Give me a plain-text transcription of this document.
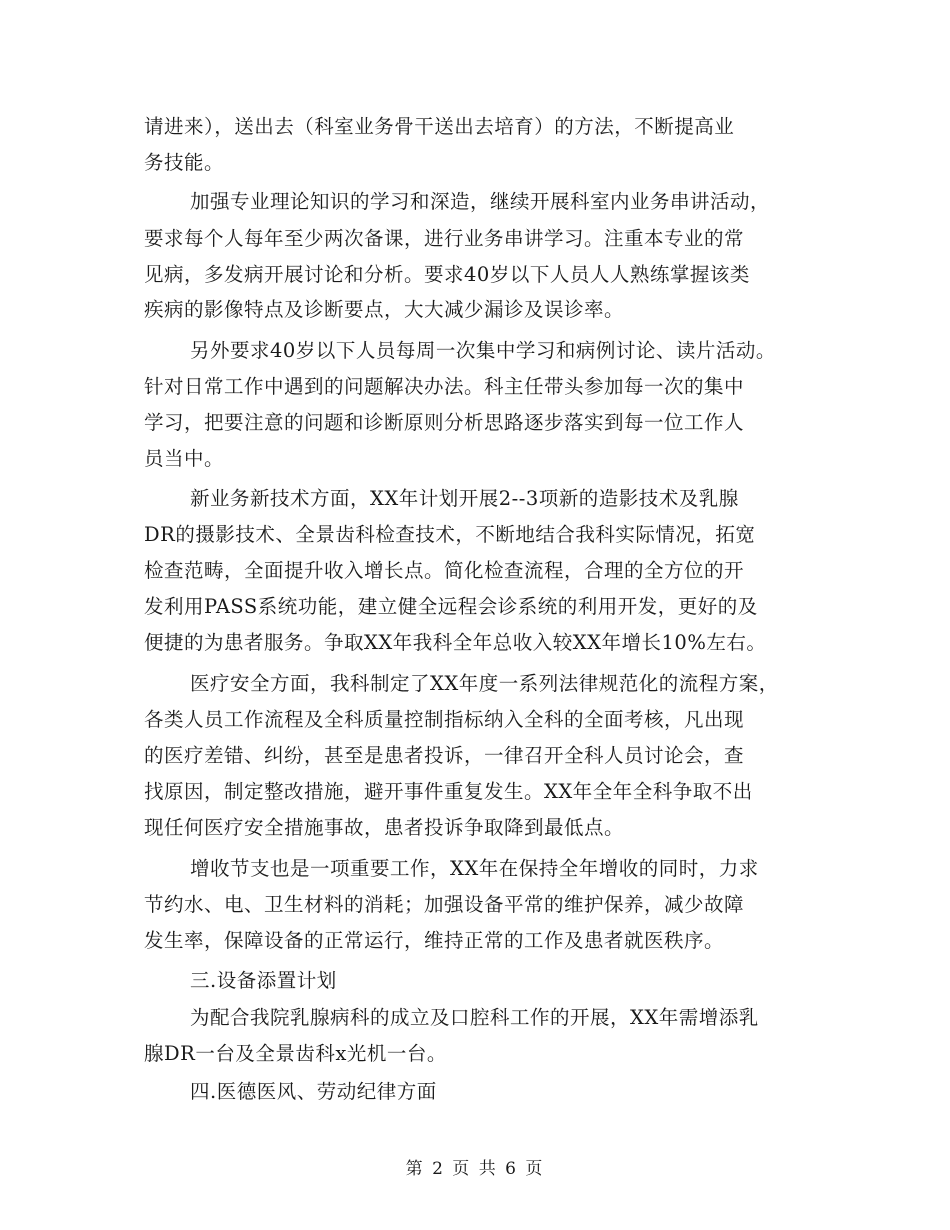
请进来），送出去（科室业务骨干送出去培育）的方法，不断提高业
务技能。
加强专业理论知识的学习和深造，继续开展科室内业务串讲活动，
要求每个人每年至少两次备课，进行业务串讲学习。注重本专业的常
见病，多发病开展讨论和分析。要求40岁以下人员人人熟练掌握该类
疾病的影像特点及诊断要点，大大减少漏诊及误诊率。
另外要求40岁以下人员每周一次集中学习和病例讨论、读片活动。
针对日常工作中遇到的问题解决办法。科主任带头参加每一次的集中
学习，把要注意的问题和诊断原则分析思路逐步落实到每一位工作人
员当中。
新业务新技术方面，XX年计划开展2--3项新的造影技术及乳腺
DR的摄影技术、全景齿科检查技术，不断地结合我科实际情况，拓宽
检查范畴，全面提升收入增长点。简化检查流程，合理的全方位的开
发利用PASS系统功能，建立健全远程会诊系统的利用开发，更好的及
便捷的为患者服务。争取XX年我科全年总收入较XX年增长10%左右。
医疗安全方面，我科制定了XX年度一系列法律规范化的流程方案，
各类人员工作流程及全科质量控制指标纳入全科的全面考核，凡出现
的医疗差错、纠纷，甚至是患者投诉，一律召开全科人员讨论会，查
找原因，制定整改措施，避开事件重复发生。XX年全年全科争取不出
现任何医疗安全措施事故，患者投诉争取降到最低点。
增收节支也是一项重要工作，XX年在保持全年增收的同时，力求
节约水、电、卫生材料的消耗；加强设备平常的维护保养，减少故障
发生率，保障设备的正常运行，维持正常的工作及患者就医秩序。
三.设备添置计划
为配合我院乳腺病科的成立及口腔科工作的开展，XX年需增添乳
腺DR一台及全景齿科x光机一台。
四.医德医风、劳动纪律方面
第 2 页 共 6 页
